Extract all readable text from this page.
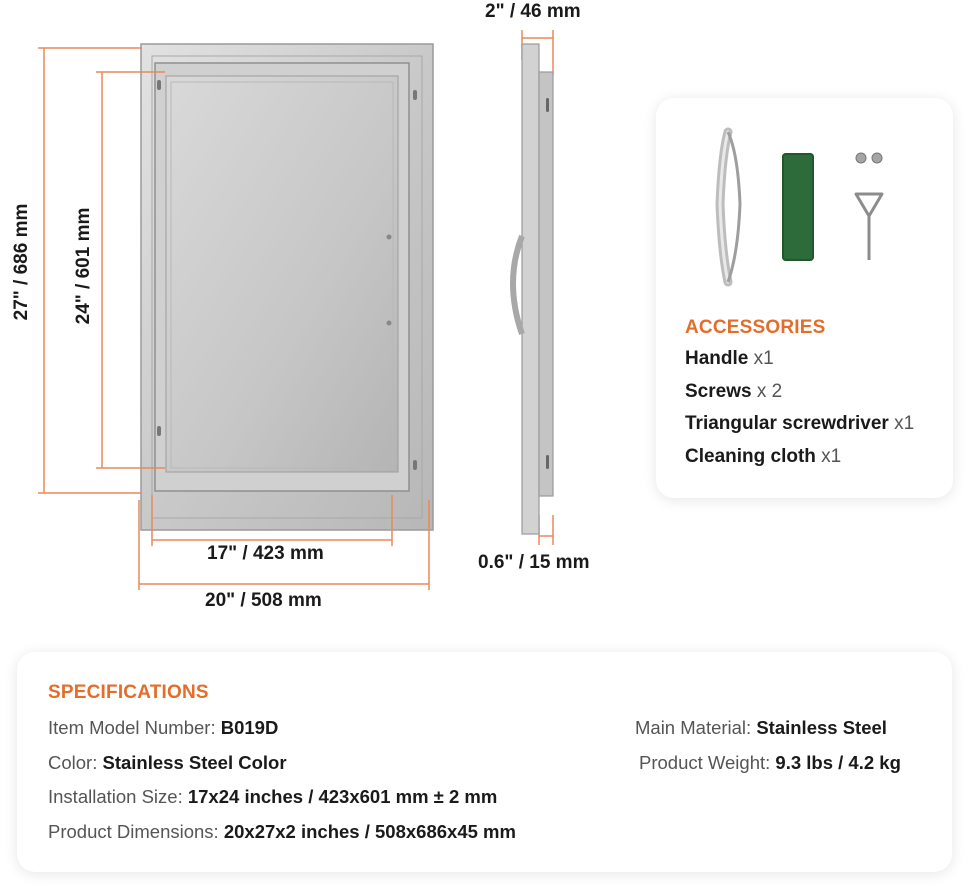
2" / 46 mm
27" / 686 mm 24" / 601 mm
17" / 423 mm
20" / 508 mm
0.6" / 15 mm
ACCESSORIES
Handle x1
Screws x 2
Triangular screwdriver x1
Cleaning cloth x1
SPECIFICATIONS
Item Model Number: B019D
Color: Stainless Steel Color
Installation Size: 17x24 inches / 423x601 mm ± 2 mm
Product Dimensions: 20x27x2 inches / 508x686x45 mm
Main Material: Stainless Steel
Product Weight: 9.3 lbs / 4.2 kg
